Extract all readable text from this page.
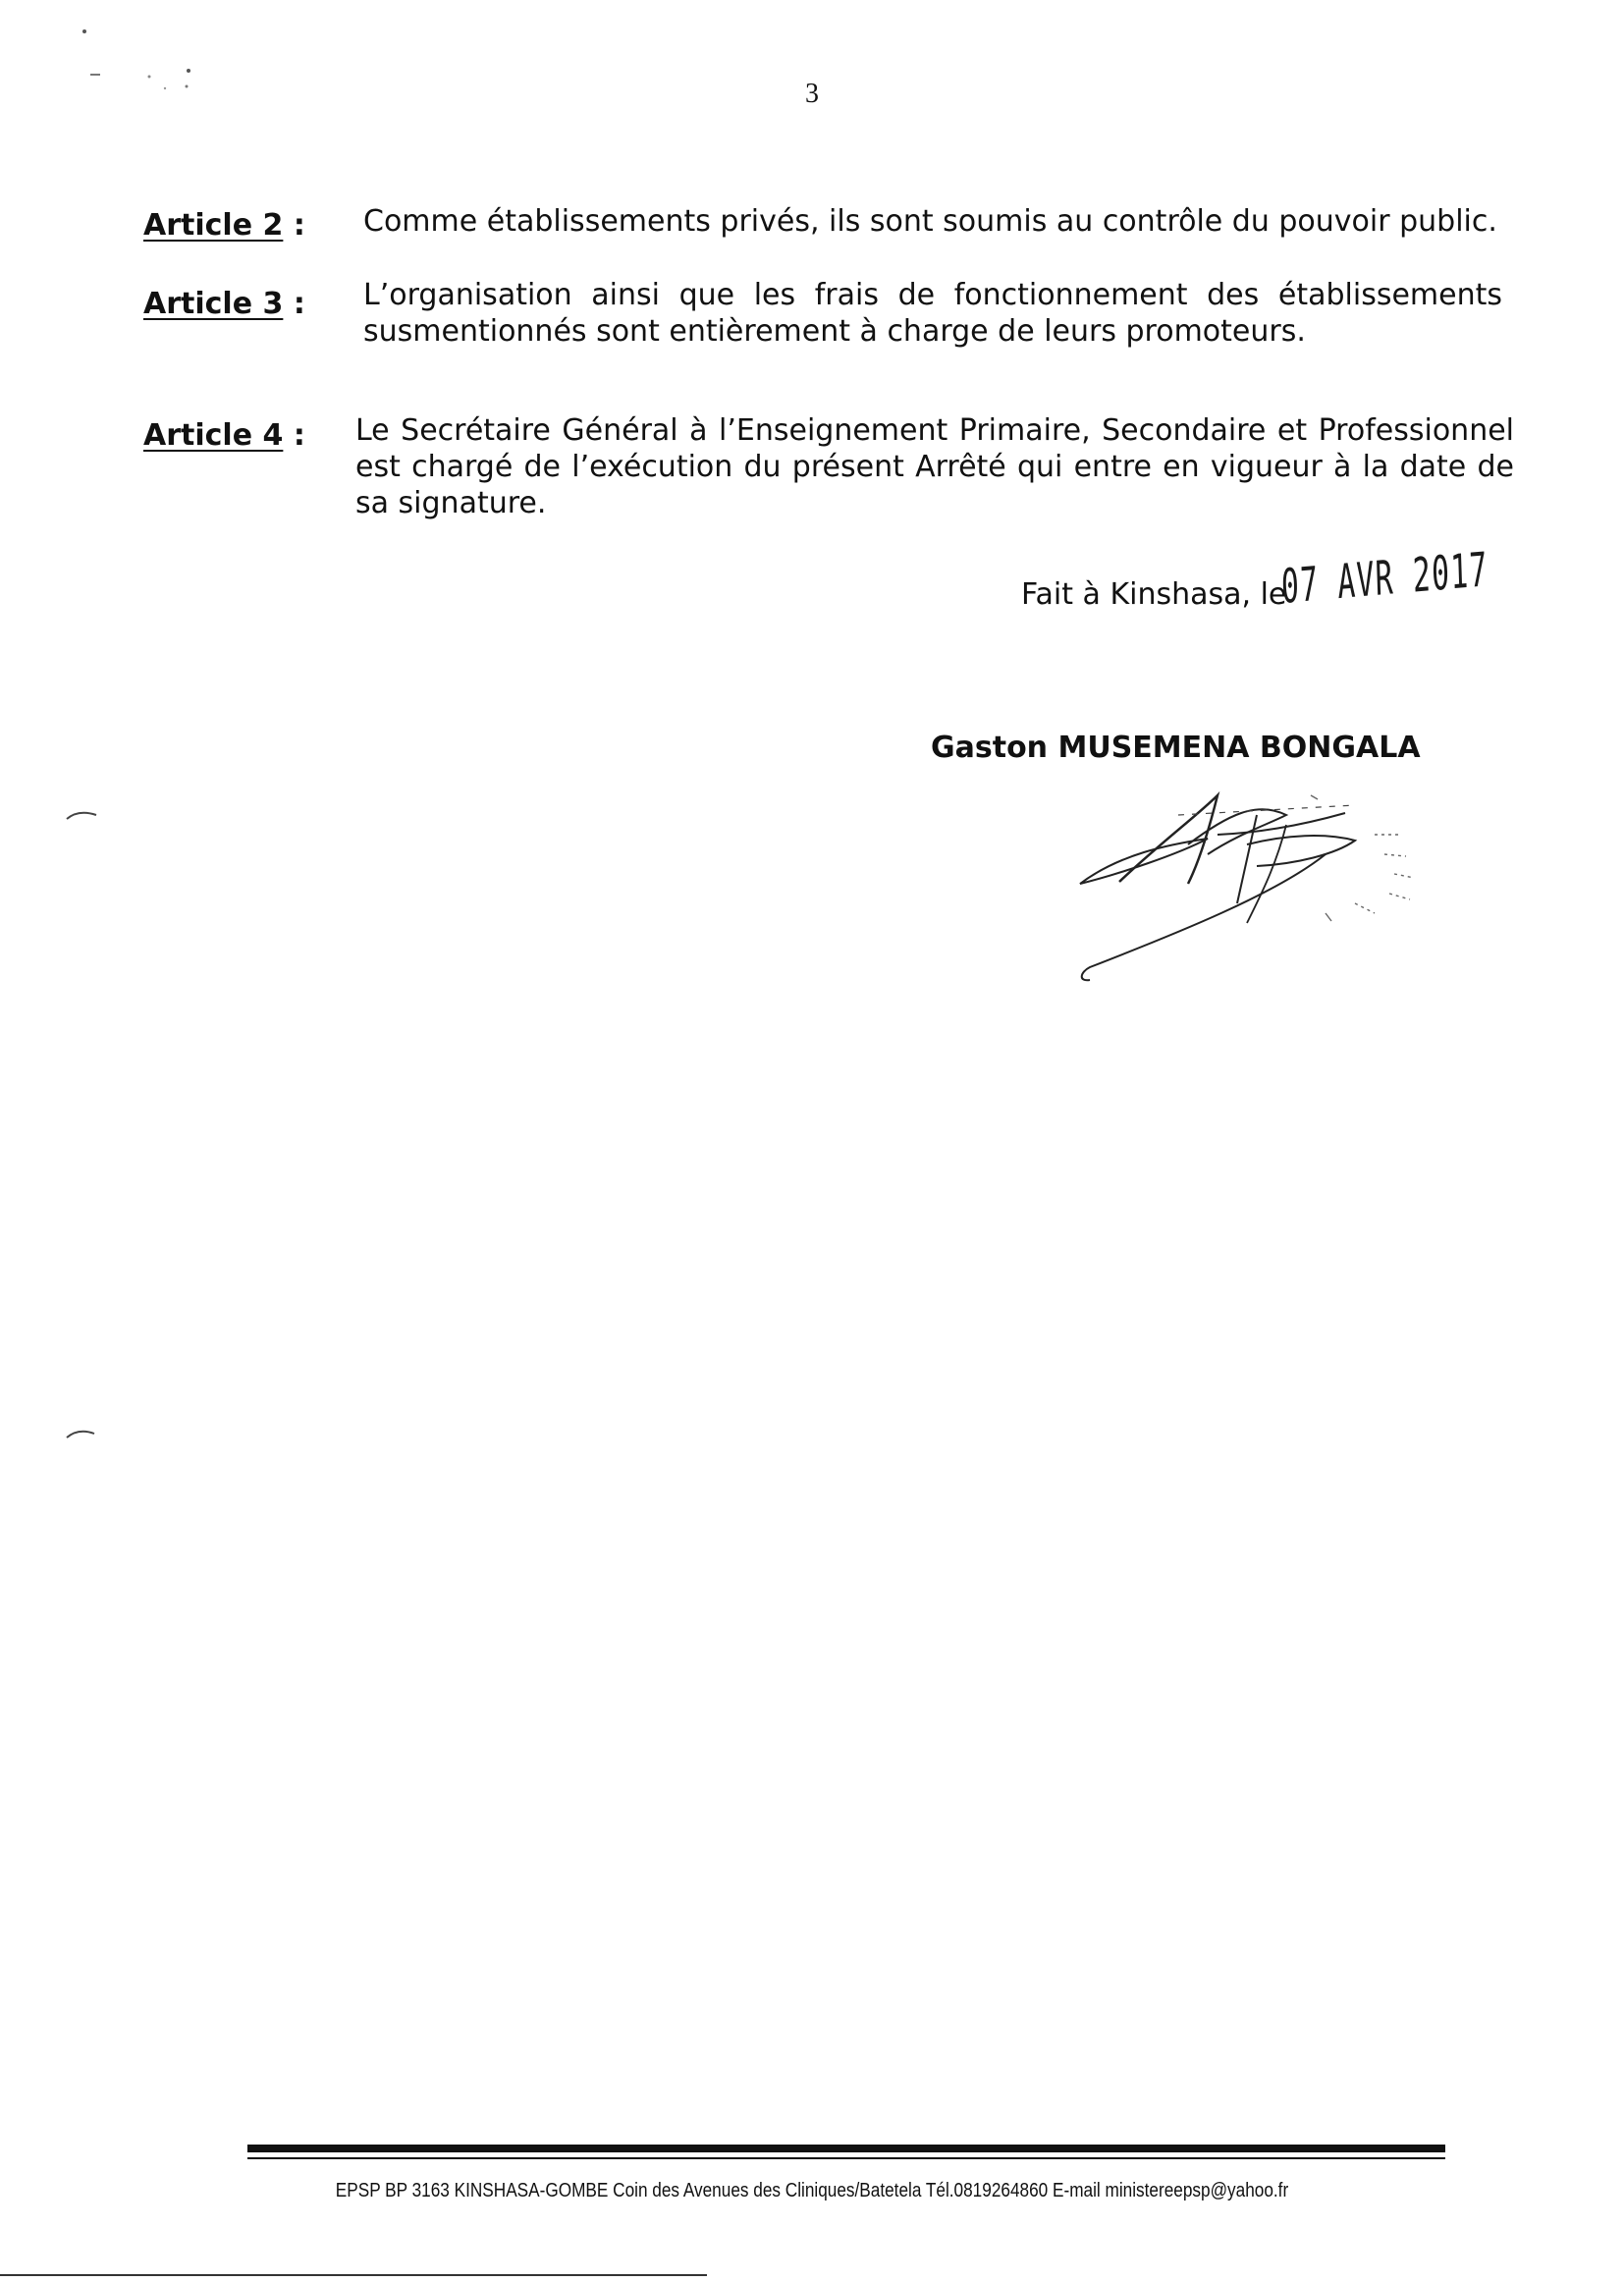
3
Article 2 : Comme établissements privés, ils sont soumis au contrôle du pouvoir public.
Article 3 : L’organisation ainsi que les frais de fonctionnement des établissements susmentionnés sont entièrement à charge de leurs promoteurs.
Article 4 : Le Secrétaire Général à l’Enseignement Primaire, Secondaire et Professionnel est chargé de l’exécution du présent Arrêté qui entre en vigueur à la date de sa signature.
Fait à Kinshasa, le
07 AVR 2017
Gaston MUSEMENA BONGALA
EPSP BP 3163 KINSHASA-GOMBE Coin des Avenues des Cliniques/Batetela Tél.0819264860 E-mail ministereepsp@yahoo.fr
